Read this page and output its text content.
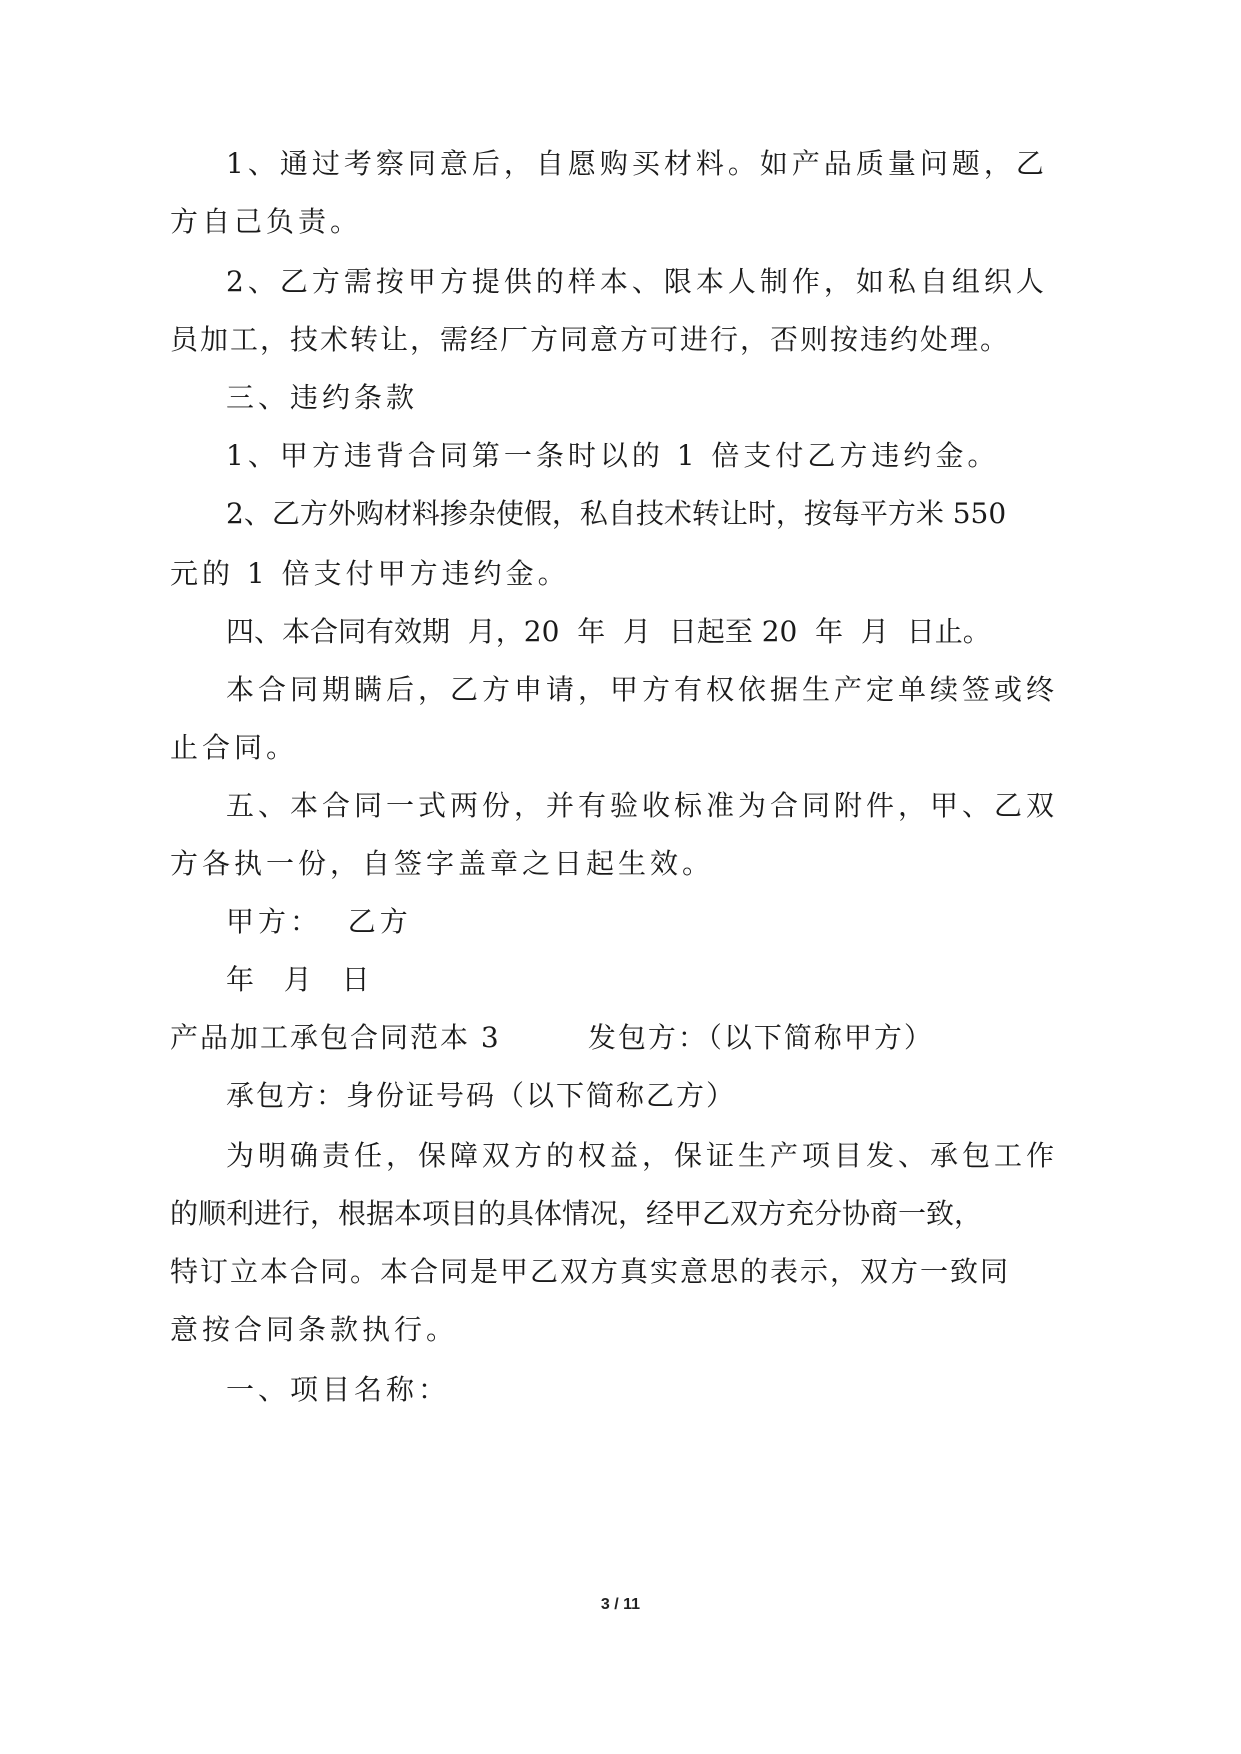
1、通过考察同意后，自愿购买材料。如产品质量问题，乙
方自己负责。
2、乙方需按甲方提供的样本、限本人制作，如私自组织人
员加工，技术转让，需经厂方同意方可进行，否则按违约处理。
三、违约条款
1、甲方违背合同第一条时以的 1 倍支付乙方违约金。
2、乙方外购材料掺杂使假，私自技术转让时，按每平方米 550
元的 1 倍支付甲方违约金。
四、本合同有效期  月，20  年  月  日起至 20  年  月  日止。
本合同期瞒后，乙方申请，甲方有权依据生产定单续签或终
止合同。
五、本合同一式两份，并有验收标准为合同附件，甲、乙双
方各执一份，自签字盖章之日起生效。
甲方：  乙方
年  月  日
产品加工承包合同范本 3        发包方：（以下简称甲方）
承包方：身份证号码（以下简称乙方）
为明确责任，保障双方的权益，保证生产项目发、承包工作
的顺利进行，根据本项目的具体情况，经甲乙双方充分协商一致，
特订立本合同。本合同是甲乙双方真实意思的表示，双方一致同
意按合同条款执行。
一、项目名称：
3 / 11
